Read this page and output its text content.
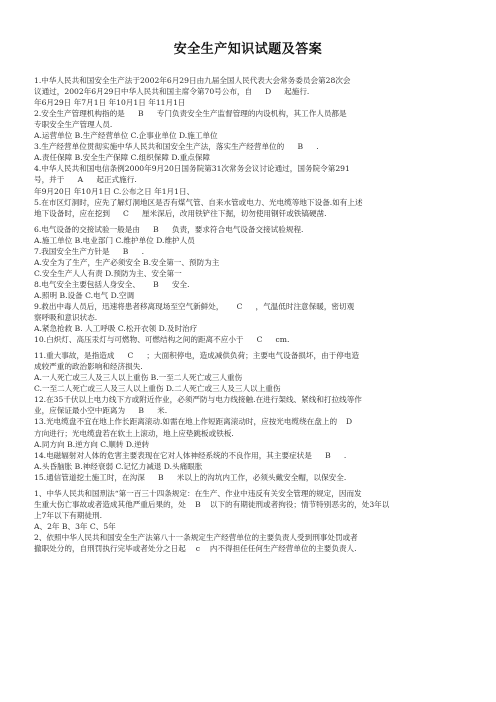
安全生产知识试题及答案
1.中华人民共和国安全生产法于2002年6月29日由九届全国人民代表大会常务委员会第28次会
议通过，2002年6月29日中华人民共和国主席令第70号公布，自 D 起施行.
年6月29日 年7月1日 年10月1日 年11月1日
2.安全生产管理机构指的是 B 专门负责安全生产监督管理的内设机构，其工作人员都是
专职安全生产管理人员.
A.运营单位 B.生产经营单位 C.企事业单位 D.施工单位
3.生产经营单位贯彻实施中华人民共和国安全生产法，落实生产经营单位的 B .
A.责任保障 B.安全生产保障 C.组织保障 D.重点保障
4.中华人民共和国电信条例2000年9月20日国务院第31次常务会议讨论通过，国务院令第291
号，并于 A 起正式施行.
年9月20日 年10月1日 C.公布之日 年1月1日、
5.在市区灯洞时，应先了解灯洞地区是否有煤气管、自来水管或电力、光电缆等地下设备.如有上述
地下设备时，应在挖到 C 厘米深后，改用铁铲往下掘，切勿使用钢钎或铁镐硬凿.
6.电气设备的交接试验一般是由 B 负责，要求符合电气设备交接试验规程.
A.施工单位 B.电业部门 C.维护单位 D.维护人员
7.我国安全生产方针是 B .
A.安全为了生产，生产必须安全 B.安全第一、预防为主
C.安全生产人人有责 D.预防为主、安全第一
8.电气安全主要包括人身安全、 B 安全.
A.照明 B.设备 C.电气 D.空调
9.救出中毒人员后，迅速将患者移离现场至空气新鲜处， C ，气温低时注意保暖，密切观
察呼吸和意识状态.
A.紧急抢救 B. 人工呼吸 C.松开衣领 D.及时治疗
10.白炽灯、高压汞灯与可燃物、可燃结构之间的距离不应小于 C cm.
11.重大事故，是指造成 C ；大面积停电，造成减供负荷；主要电气设备损坏，由于停电造
成较严重的政治影响和经济损失.
A.一人死亡或三人及三人以上重伤 B.一至二人死亡或三人重伤
C.一至二人死亡或三人及三人以上重伤 D.二人死亡或三人及三人以上重伤
12.在35千伏以上电力线下方或附近作业，必须严防与电力线接触.在进行架线、紧线和打拉线等作
业，应保证最小空中距离为 B 米.
13.光电缆盘不宜在地上作长距离滚动.如需在地上作短距离滚动时，应按光电缆绕在盘上的 D
方向进行；光电缆盘若在软土上滚动，地上应垫跳板或铁板.
A.同方向 B.逆方向 C.顺转 D.逆转
14.电磁辐射对人体的危害主要表现在它对人体神经系统的不良作用，其主要症状是 B .
A.头昏脑胀 B.神经衰弱 C.记忆力减退 D.头痛眼胀
15.通信管道挖土施工时，在沟深 B 米以上的沟坑内工作，必须头戴安全帽，以保安全.
1、中华人民共和国刑法“第一百三十四条规定：在生产、作业中违反有关安全管理的规定，因而发
生重大伤亡事故或者造成其他严重后果的，处 B 以下的有期徒刑或者拘役；情节特别恶劣的，处3年以
上7年以下有期徒刑.
A、2年 B、3年 C、5年
2、依照中华人民共和国安全生产法第八十一条规定生产经营单位的主要负责人受到刑事处罚或者
撤职处分的，自刑罚执行完毕或者处分之日起 c 内不得担任任何生产经营单位的主要负责人.
